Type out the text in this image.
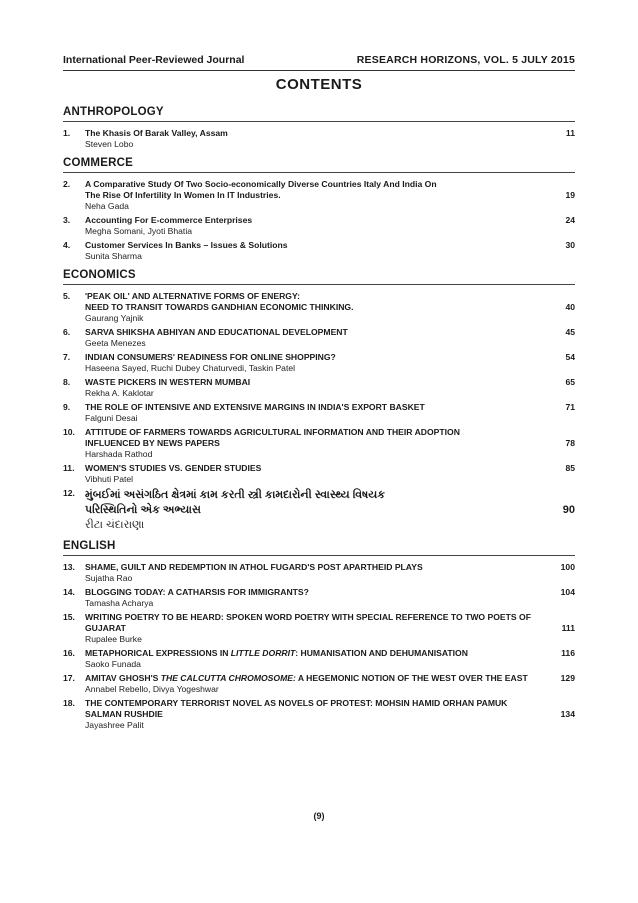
International Peer-Reviewed Journal	RESEARCH HORIZONS, VOL. 5 JULY 2015
CONTENTS
ANTHROPOLOGY
1.	The Khasis Of Barak Valley, Assam	11
Steven Lobo
COMMERCE
2.	A Comparative Study Of Two Socio-economically Diverse Countries Italy And India On
The Rise Of Infertility In Women In IT Industries.	19
Neha Gada
3.	Accounting For E-commerce Enterprises	24
Megha Somani, Jyoti Bhatia
4.	Customer Services In Banks – Issues & Solutions	30
Sunita Sharma
ECONOMICS
5.	'PEAK OIL' AND ALTERNATIVE FORMS OF ENERGY:
NEED TO TRANSIT TOWARDS GANDHIAN ECONOMIC THINKING.	40
Gaurang Yajnik
6.	SARVA SHIKSHA ABHIYAN AND EDUCATIONAL DEVELOPMENT	45
Geeta Menezes
7.	INDIAN CONSUMERS' READINESS FOR ONLINE SHOPPING?	54
Haseena Sayed, Ruchi Dubey Chaturvedi, Taskin Patel
8.	WASTE PICKERS IN WESTERN MUMBAI	65
Rekha A. Kaklotar
9.	THE ROLE OF INTENSIVE AND EXTENSIVE MARGINS IN INDIA'S EXPORT BASKET	71
Falguni Desai
10.	ATTITUDE OF FARMERS TOWARDS AGRICULTURAL INFORMATION AND THEIR ADOPTION
INFLUENCED BY NEWS PAPERS	78
Harshada Rathod
11.	WOMEN'S STUDIES VS. GENDER STUDIES	85
Vibhuti Patel
12. મુંબઈમાં અસંગઠિત ક્ષેત્રમાં કામ કરતી સ્ત્રી કામદારોની સ્વાસ્થ્ય વિષયક
પરિસ્થિતિનો એક અભ્યાસ	90
રીટા ચંદારાણા
ENGLISH
13.	SHAME, GUILT AND REDEMPTION IN ATHOL FUGARD'S POST APARTHEID PLAYS	100
Sujatha Rao
14.	BLOGGING TODAY: A CATHARSIS FOR IMMIGRANTS?	104
Tamasha Acharya
15.	WRITING POETRY TO BE HEARD: SPOKEN WORD POETRY WITH SPECIAL REFERENCE TO TWO POETS OF
GUJARAT	111
Rupalee Burke
16.	METAPHORICAL EXPRESSIONS IN LITTLE DORRIT: HUMANISATION AND DEHUMANISATION	116
Saoko Funada
17.	AMITAV GHOSH'S THE CALCUTTA CHROMOSOME: A HEGEMONIC NOTION OF THE WEST OVER THE EAST	129
Annabel Rebello, Divya Yogeshwar
18.	THE CONTEMPORARY TERRORIST NOVEL AS NOVELS OF PROTEST: MOHSIN HAMID ORHAN PAMUK
SALMAN RUSHDIE	134
Jayashree Palit
(9)
